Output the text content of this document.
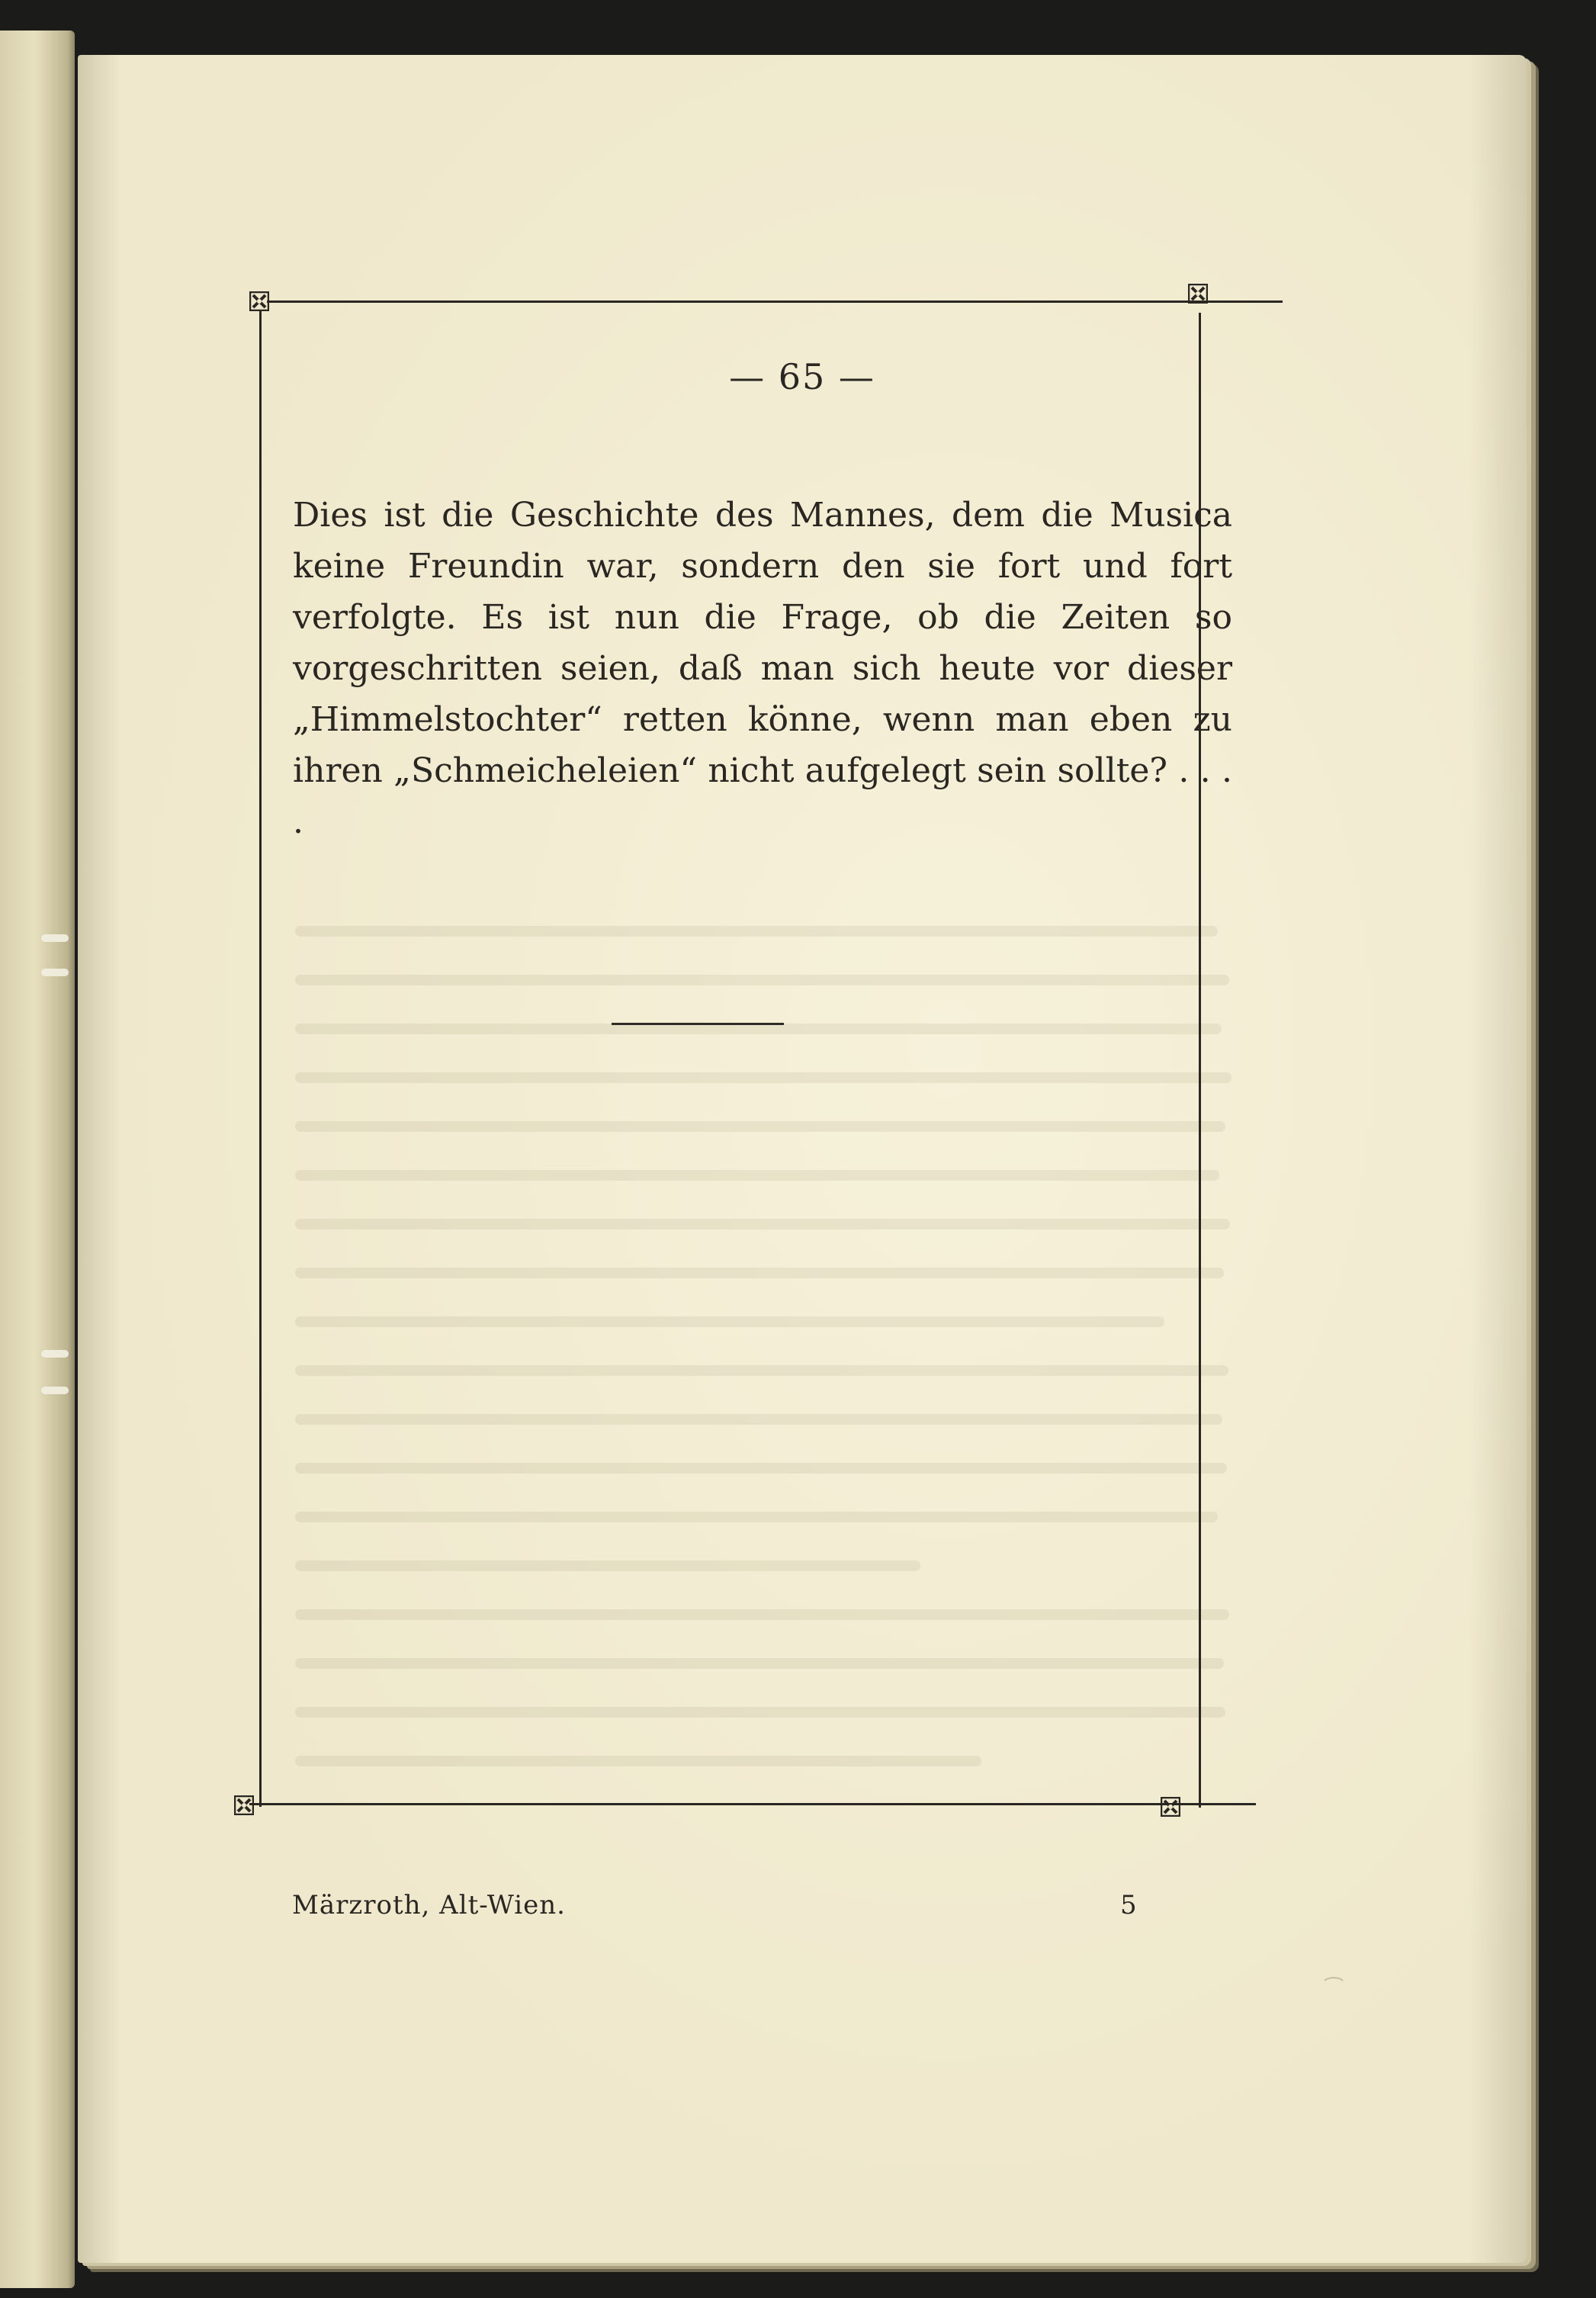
— 65 —

Dies ist die Geschichte des Mannes, dem die Musica keine Freundin war, sondern den sie fort und fort verfolgte. Es ist nun die Frage, ob die Zeiten so vorgeschritten seien, daß man sich heute vor dieser „Himmelstochter“ retten könne, wenn man eben zu ihren „Schmeicheleien“ nicht aufgelegt sein sollte? . . . .

Märzroth, Alt-Wien.	5
